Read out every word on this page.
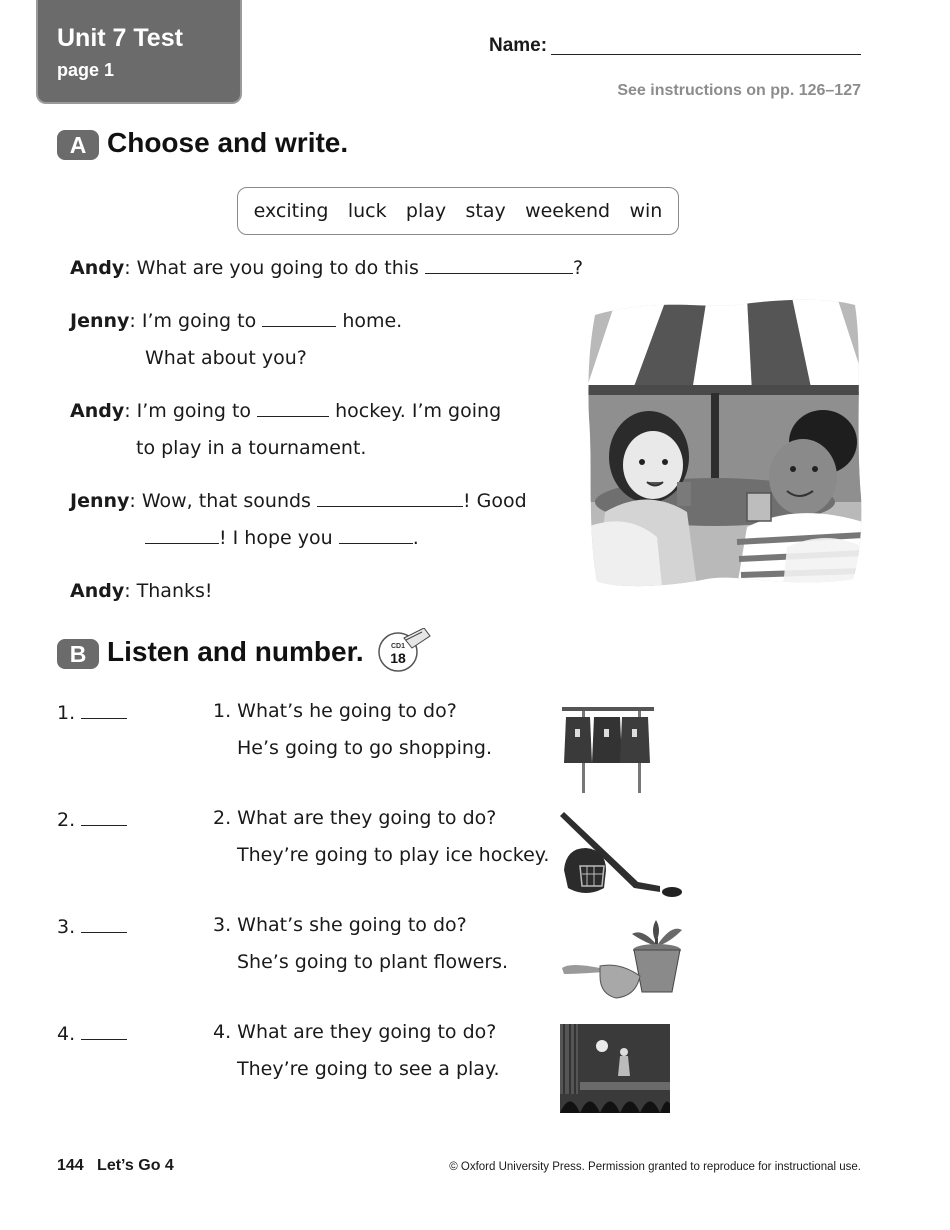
Unit 7 Test
page 1
Name:
See instructions on pp. 126–127
A Choose and write.
exciting luck play stay weekend win
Andy: What are you going to do this	?
Jenny: I’m going to	home.
What about you?
Andy: I’m going to	hockey. I’m going
to play in a tournament.
Jenny: Wow, that sounds	! Good
! I hope you	.
Andy: Thanks!
B Listen and number.	CD1
18
1.	1. What’s he going to do?
He’s going to go shopping.
2.	2. What are they going to do?
They’re going to play ice hockey.
3.	3. What’s she going to do?
She’s going to plant flowers.
4.	4. What are they going to do?
They’re going to see a play.
144 Let’s Go 4	© Oxford University Press. Permission granted to reproduce for instructional use.
